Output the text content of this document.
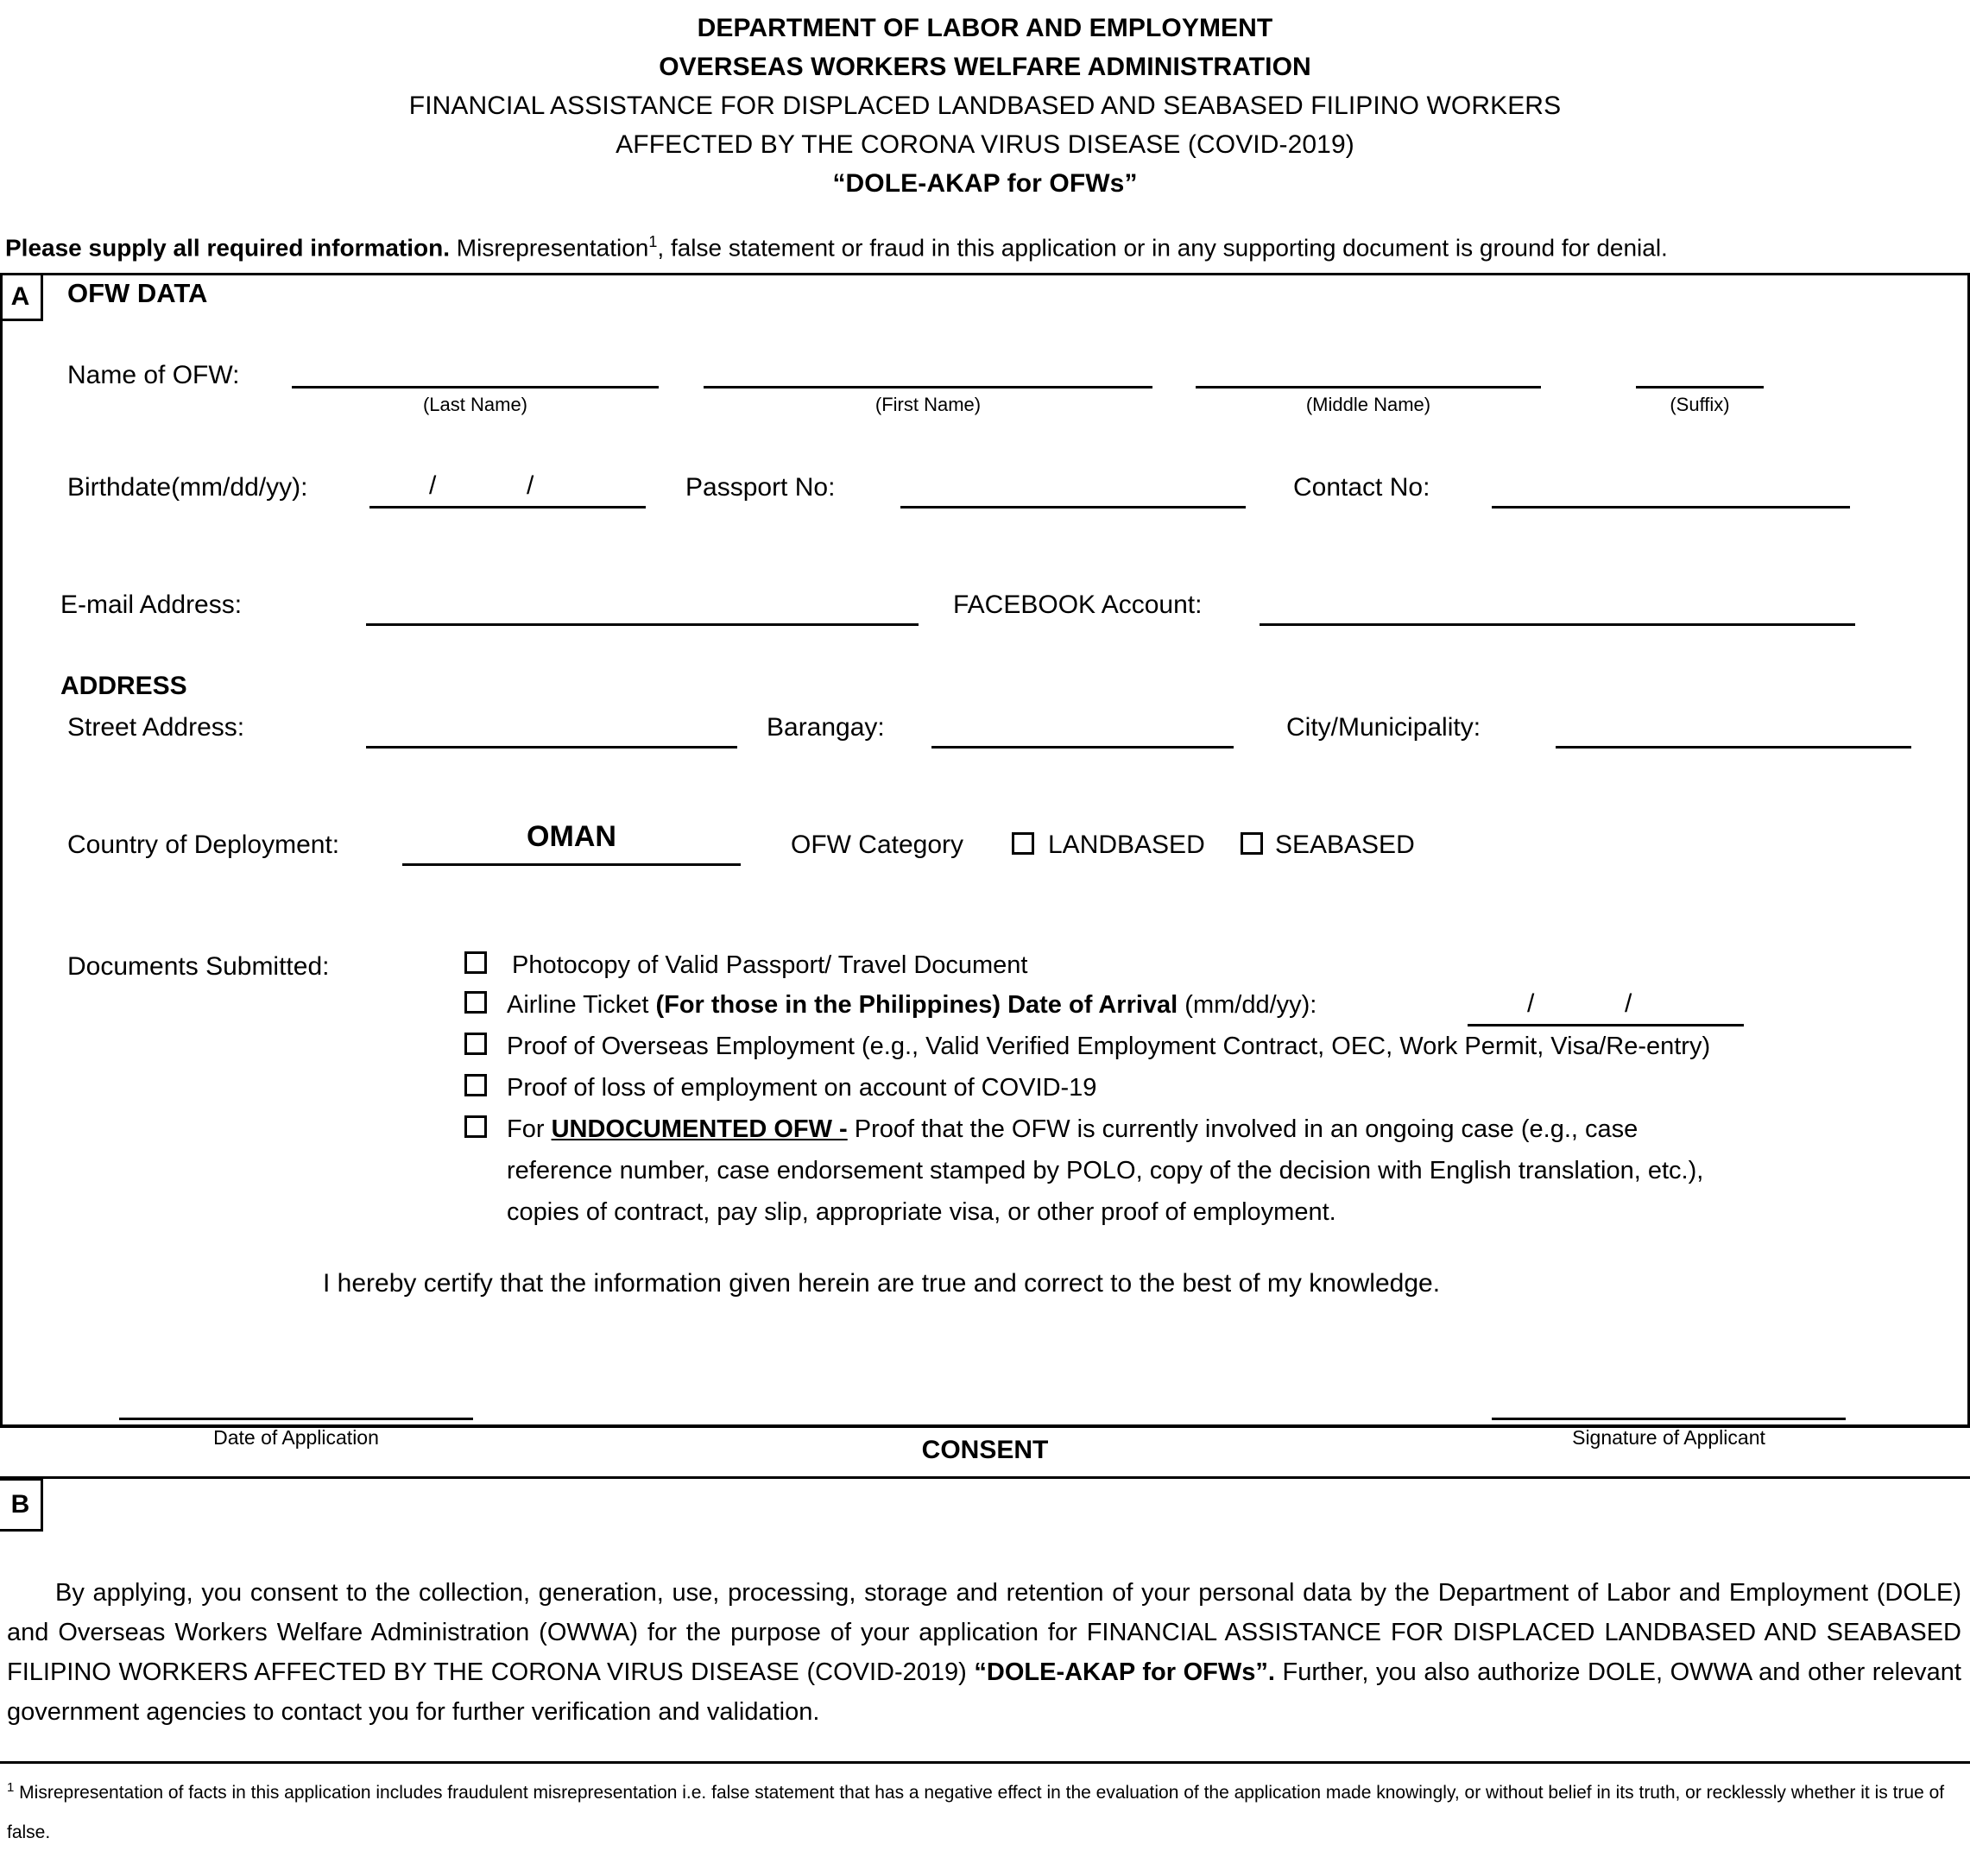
DEPARTMENT OF LABOR AND EMPLOYMENT
OVERSEAS WORKERS WELFARE ADMINISTRATION
FINANCIAL ASSISTANCE FOR DISPLACED LANDBASED AND SEABASED FILIPINO WORKERS
AFFECTED BY THE CORONA VIRUS DISEASE (COVID-2019)
“DOLE-AKAP for OFWs”
Please supply all required information. Misrepresentation$^1$, false statement or fraud in this application or in any supporting document is ground for denial.
A OFW DATA
Name of OFW:
(Last Name)	(First Name)	(Middle Name)	(Suffix)
Birthdate(mm/dd/yy):	/	/	Passport No:	Contact No:
E-mail Address:	FACEBOOK Account:
ADDRESS
Street Address:	Barangay:	City/Municipality:
Country of Deployment:	OMAN	OFW Category	LANDBASED	SEABASED
Documents Submitted:	Photocopy of Valid Passport/ Travel Document
Airline Ticket (For those in the Philippines) Date of Arrival (mm/dd/yy):	/	/
Proof of Overseas Employment (e.g., Valid Verified Employment Contract, OEC, Work Permit, Visa/Re-entry)
Proof of loss of employment on account of COVID-19
For UNDOCUMENTED OFW - Proof that the OFW is currently involved in an ongoing case (e.g., case
reference number, case endorsement stamped by POLO, copy of the decision with English translation, etc.),
copies of contract, pay slip, appropriate visa, or other proof of employment.
I hereby certify that the information given herein are true and correct to the best of my knowledge.
Date of Application	Signature of Applicant
CONSENT
B
By applying, you consent to the collection, generation, use, processing, storage and retention of your personal data by the Department of Labor and Employment (DOLE) and Overseas Workers Welfare Administration (OWWA) for the purpose of your application for FINANCIAL ASSISTANCE FOR DISPLACED LANDBASED AND SEABASED FILIPINO WORKERS AFFECTED BY THE CORONA VIRUS DISEASE (COVID-2019) “DOLE-AKAP for OFWs”. Further, you also authorize DOLE, OWWA and other relevant government agencies to contact you for further verification and validation.
$^1$ Misrepresentation of facts in this application includes fraudulent misrepresentation i.e. false statement that has a negative effect in the evaluation of the application made knowingly, or without belief in its truth, or recklessly whether it is true of false.
